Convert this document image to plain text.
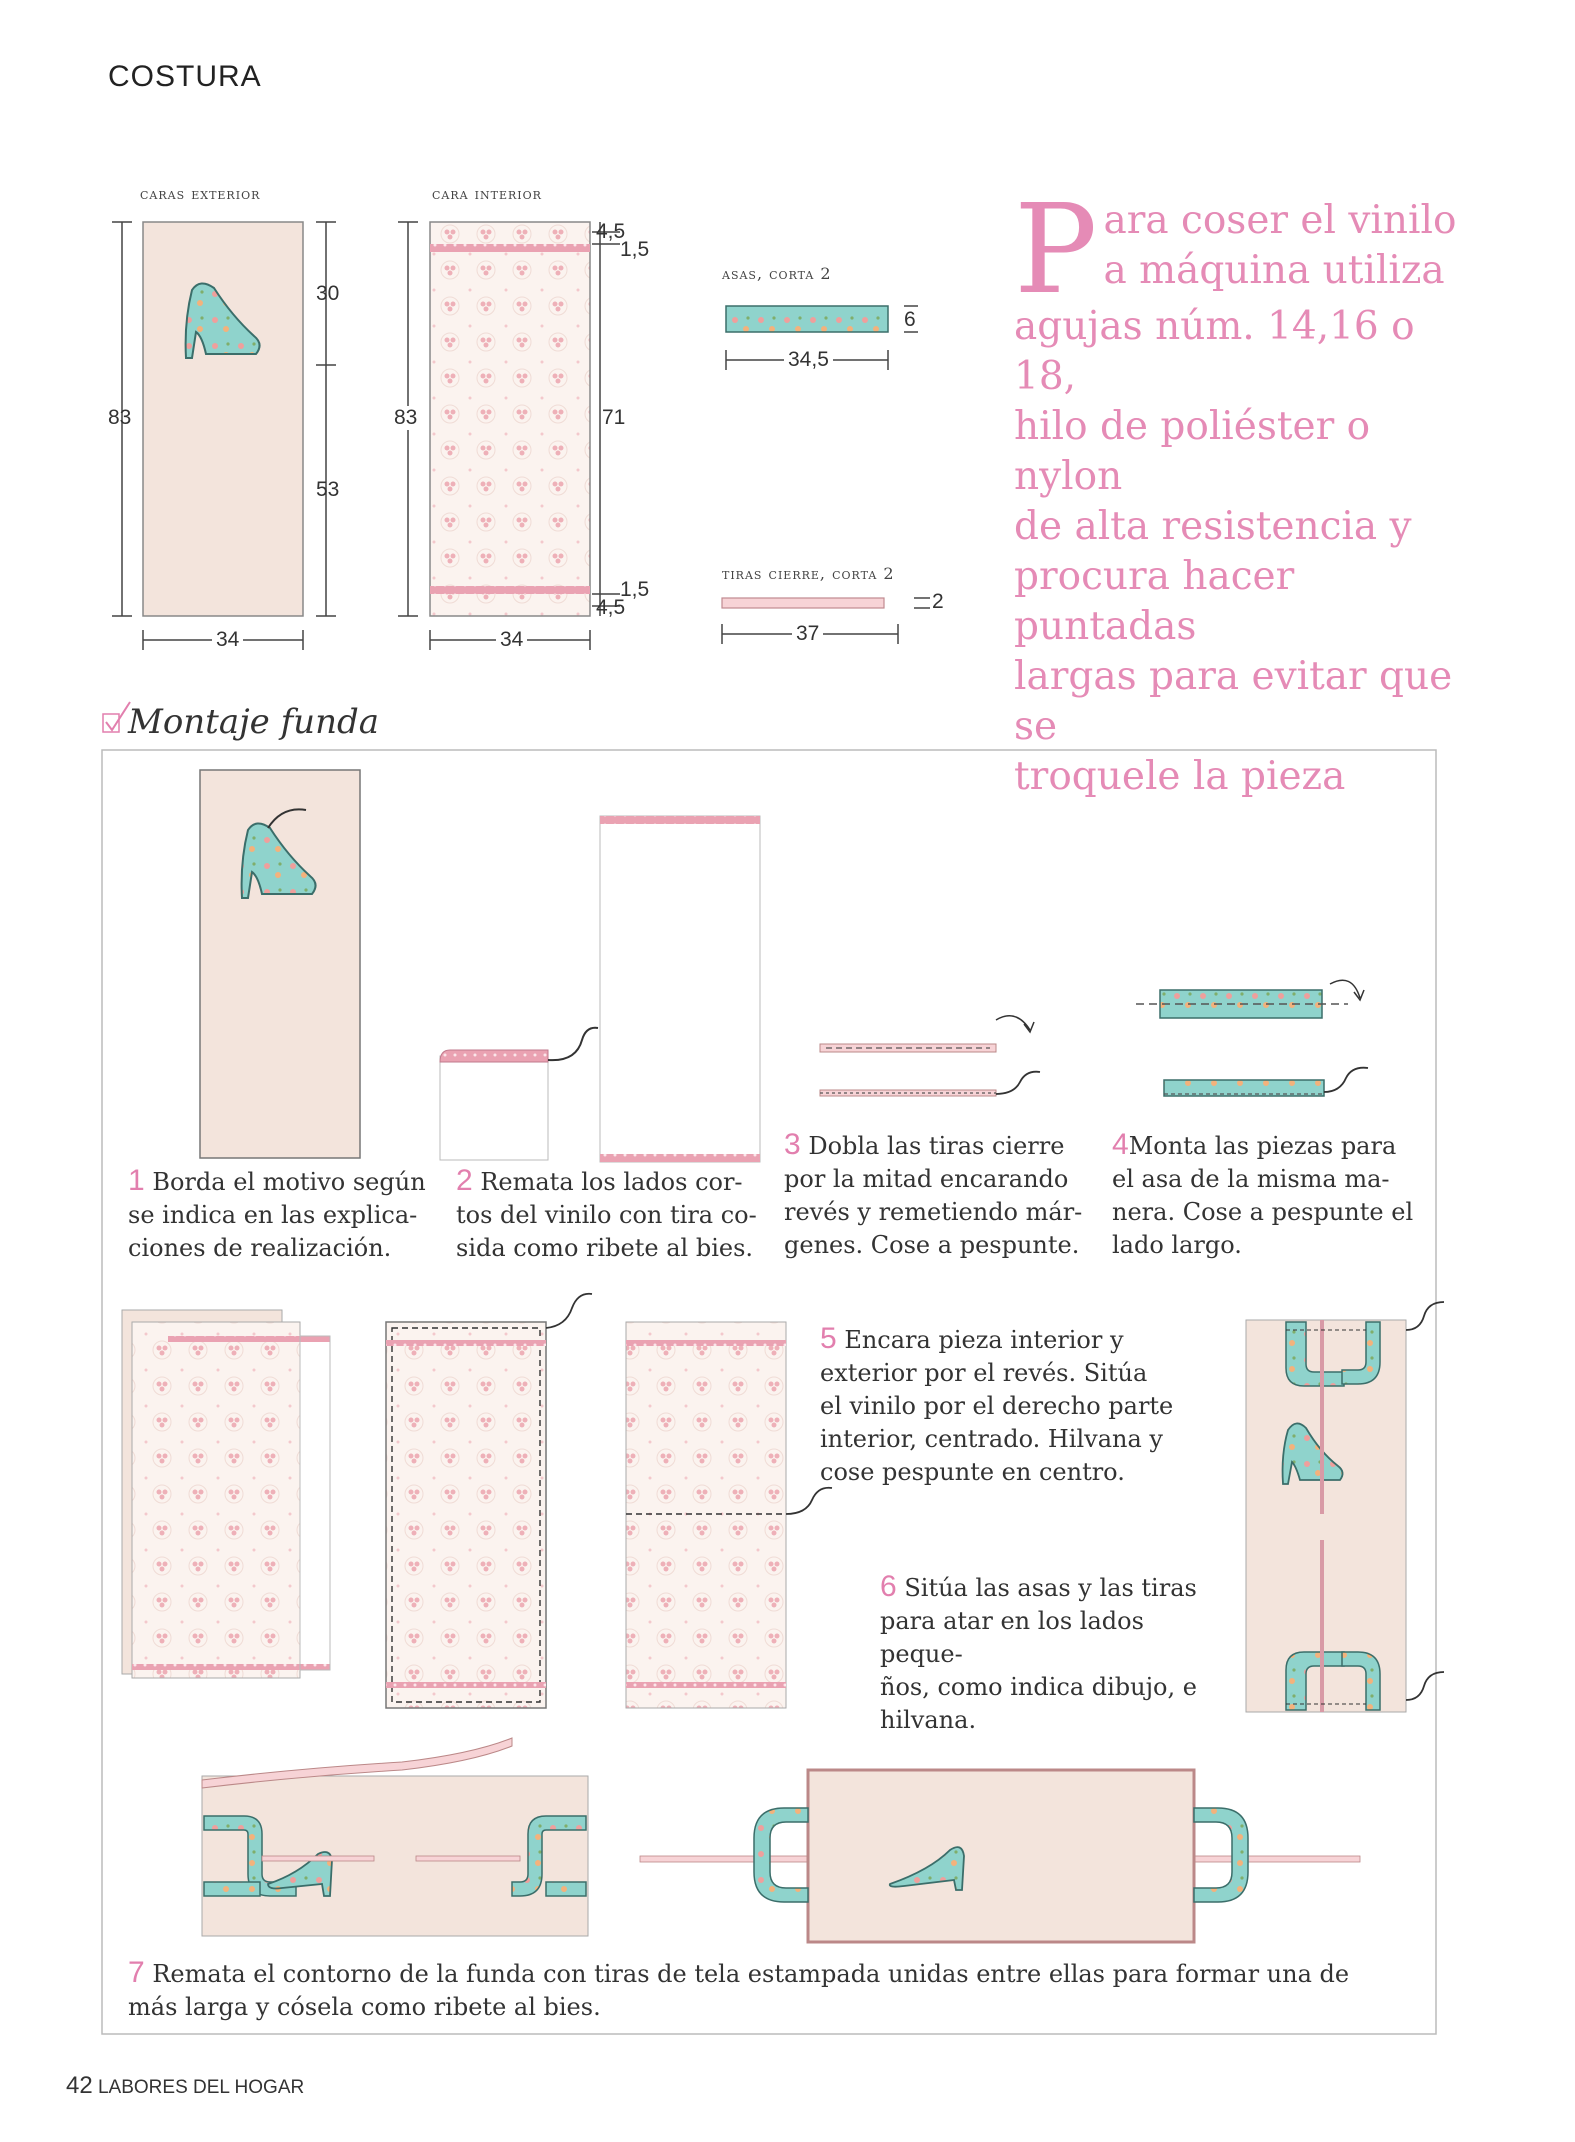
COSTURA
caras exterior	cara interior
asas, corta 2
tiras cierre, corta 2
83
30
53
34
83
4,5
1,5
71
1,5
4,5
34
6
34,5
2
37
P ara coser el vinilo
a máquina utiliza
agujas núm. 14,16 o 18,
hilo de poliéster o nylon
de alta resistencia y
procura hacer puntadas
largas para evitar que se
troquele la pieza
Montaje funda
1 Borda el motivo según
se indica en las explica-
ciones de realización.
2 Remata los lados cor-
tos del vinilo con tira co-
sida como ribete al bies.
3 Dobla las tiras cierre
por la mitad encarando
revés y remetiendo már-
genes. Cose a pespunte.
4Monta las piezas para
el asa de la misma ma-
nera. Cose a pespunte el
lado largo.
5 Encara pieza interior y
exterior por el revés. Sitúa
el vinilo por el derecho parte
interior, centrado. Hilvana y
cose pespunte en centro.
6 Sitúa las asas y las tiras
para atar en los lados peque-
ños, como indica dibujo, e
hilvana.
7 Remata el contorno de la funda con tiras de tela estampada unidas entre ellas para formar una de
más larga y cósela como ribete al bies.
42 LABORES DEL HOGAR
